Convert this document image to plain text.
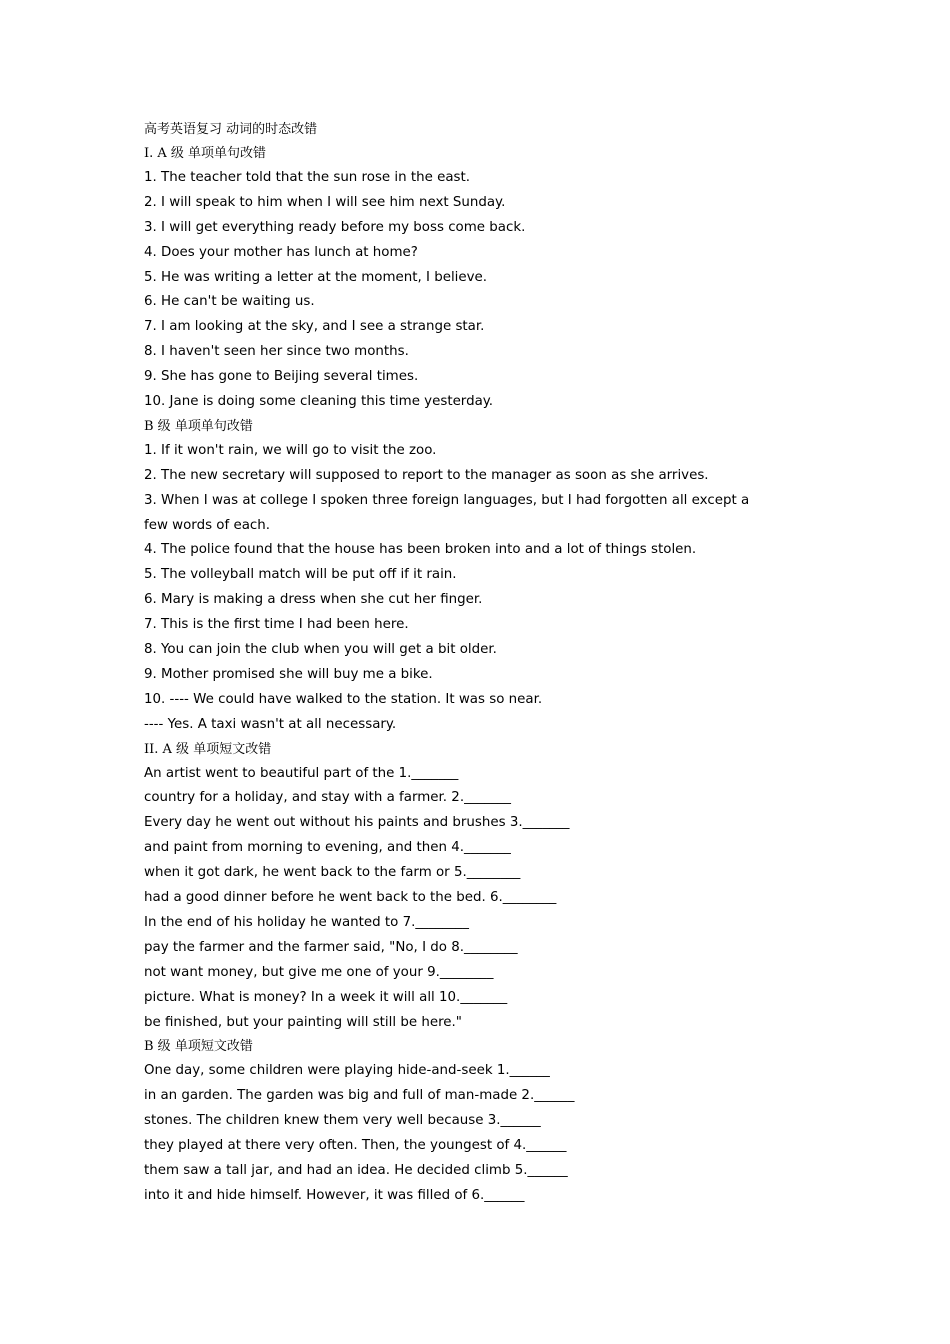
高考英语复习 动词的时态改错
I. A 级 单项单句改错
1. The teacher told that the sun rose in the east.
2. I will speak to him when I will see him next Sunday.
3. I will get everything ready before my boss come back.
4. Does your mother has lunch at home?
5. He was writing a letter at the moment, I believe.
6. He can't be waiting us.
7. I am looking at the sky, and I see a strange star.
8. I haven't seen her since two months.
9. She has gone to Beijing several times.
10. Jane is doing some cleaning this time yesterday.
B 级 单项单句改错
1. If it won't rain, we will go to visit the zoo.
2. The new secretary will supposed to report to the manager as soon as she arrives.
3. When I was at college I spoken three foreign languages, but I had forgotten all except a
few words of each.
4. The police found that the house has been broken into and a lot of things stolen.
5. The volleyball match will be put off if it rain.
6. Mary is making a dress when she cut her finger.
7. This is the first time I had been here.
8. You can join the club when you will get a bit older.
9. Mother promised she will buy me a bike.
10. ---- We could have walked to the station. It was so near.
---- Yes. A taxi wasn't at all necessary.
II. A 级 单项短文改错
An artist went to beautiful part of the 1._______
country for a holiday, and stay with a farmer. 2._______
Every day he went out without his paints and brushes 3._______
and paint from morning to evening, and then 4._______
when it got dark, he went back to the farm or 5.________
had a good dinner before he went back to the bed. 6.________
In the end of his holiday he wanted to 7.________
pay the farmer and the farmer said, "No, I do 8.________
not want money, but give me one of your 9.________
picture. What is money? In a week it will all 10._______
be finished, but your painting will still be here."
B 级 单项短文改错
One day, some children were playing hide-and-seek 1.______
in an garden. The garden was big and full of man-made 2.______
stones. The children knew them very well because 3.______
they played at there very often. Then, the youngest of 4.______
them saw a tall jar, and had an idea. He decided climb 5.______
into it and hide himself. However, it was filled of 6.______
